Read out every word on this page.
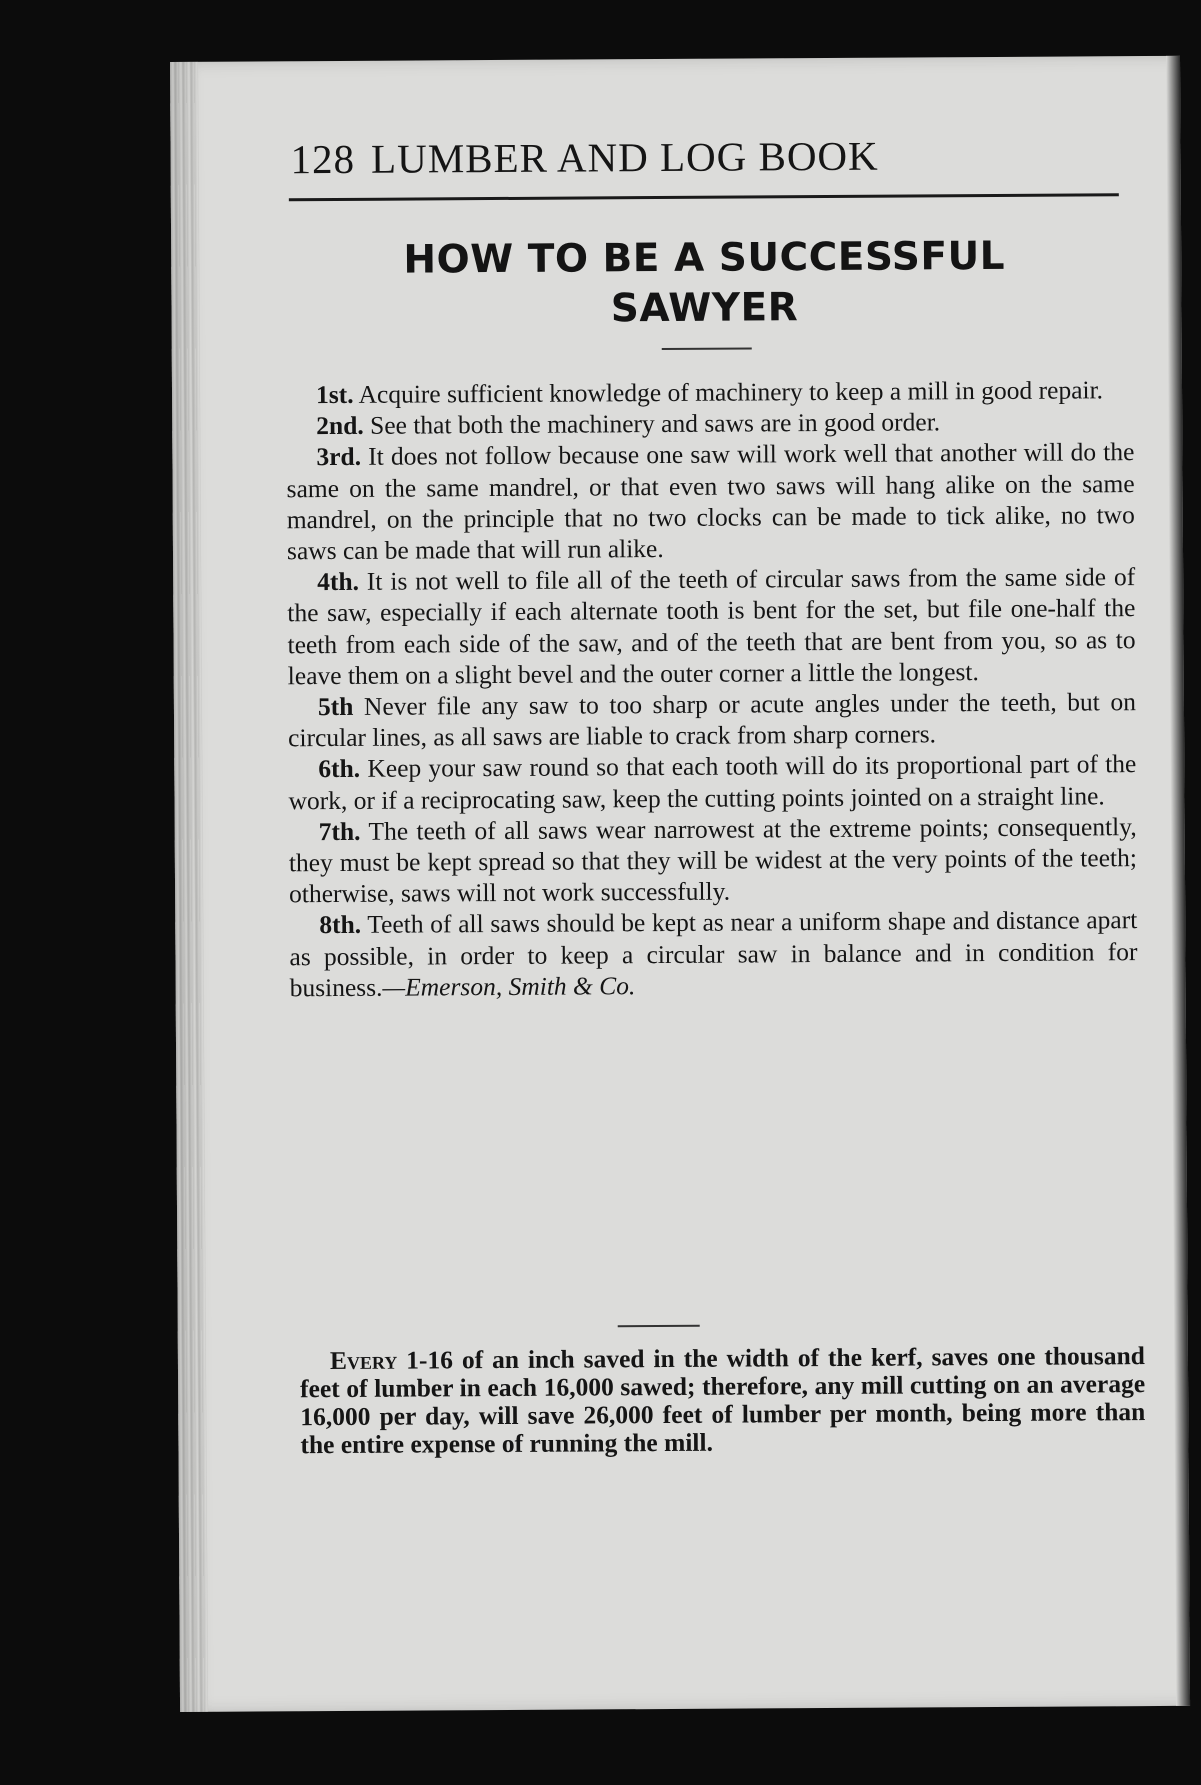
128 LUMBER AND LOG BOOK
HOW TO BE A SUCCESSFUL
SAWYER

1st. Acquire sufficient knowledge of machinery to keep a mill in good repair.

2nd. See that both the machinery and saws are in good order.

3rd. It does not follow because one saw will work well that another will do the same on the same mandrel, or that even two saws will hang alike on the same mandrel, on the principle that no two clocks can be made to tick alike, no two saws can be made that will run alike.

4th. It is not well to file all of the teeth of circular saws from the same side of the saw, especially if each alternate tooth is bent for the set, but file one-half the teeth from each side of the saw, and of the teeth that are bent from you, so as to leave them on a slight bevel and the outer corner a little the longest.

5th Never file any saw to too sharp or acute angles under the teeth, but on circular lines, as all saws are liable to crack from sharp corners.

6th. Keep your saw round so that each tooth will do its proportional part of the work, or if a reciprocating saw, keep the cutting points jointed on a straight line.

7th. The teeth of all saws wear narrowest at the extreme points; consequently, they must be kept spread so that they will be widest at the very points of the teeth; otherwise, saws will not work successfully.

8th. Teeth of all saws should be kept as near a uniform shape and distance apart as possible, in order to keep a circular saw in balance and in condition for business.—Emerson, Smith & Co.

Every 1-16 of an inch saved in the width of the kerf, saves one thousand feet of lumber in each 16,000 sawed; therefore, any mill cutting on an average 16,000 per day, will save 26,000 feet of lumber per month, being more than the entire expense of running the mill.
